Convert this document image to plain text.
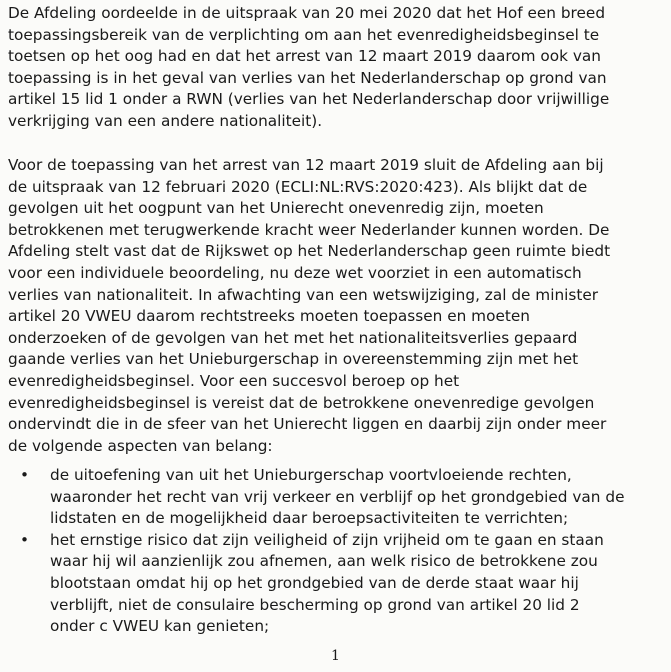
De Afdeling oordeelde in de uitspraak van 20 mei 2020 dat het Hof een breed
toepassingsbereik van de verplichting om aan het evenredigheidsbeginsel te
toetsen op het oog had en dat het arrest van 12 maart 2019 daarom ook van
toepassing is in het geval van verlies van het Nederlanderschap op grond van
artikel 15 lid 1 onder a RWN (verlies van het Nederlanderschap door vrijwillige
verkrijging van een andere nationaliteit).

Voor de toepassing van het arrest van 12 maart 2019 sluit de Afdeling aan bij
de uitspraak van 12 februari 2020 (ECLI:NL:RVS:2020:423). Als blijkt dat de
gevolgen uit het oogpunt van het Unierecht onevenredig zijn, moeten
betrokkenen met terugwerkende kracht weer Nederlander kunnen worden. De
Afdeling stelt vast dat de Rijkswet op het Nederlanderschap geen ruimte biedt
voor een individuele beoordeling, nu deze wet voorziet in een automatisch
verlies van nationaliteit. In afwachting van een wetswijziging, zal de minister
artikel 20 VWEU daarom rechtstreeks moeten toepassen en moeten
onderzoeken of de gevolgen van het met het nationaliteitsverlies gepaard
gaande verlies van het Unieburgerschap in overeenstemming zijn met het
evenredigheidsbeginsel. Voor een succesvol beroep op het
evenredigheidsbeginsel is vereist dat de betrokkene onevenredige gevolgen
ondervindt die in de sfeer van het Unierecht liggen en daarbij zijn onder meer
de volgende aspecten van belang:

• de uitoefening van uit het Unieburgerschap voortvloeiende rechten,
waaronder het recht van vrij verkeer en verblijf op het grondgebied van de
lidstaten en de mogelijkheid daar beroepsactiviteiten te verrichten;
• het ernstige risico dat zijn veiligheid of zijn vrijheid om te gaan en staan
waar hij wil aanzienlijk zou afnemen, aan welk risico de betrokkene zou
blootstaan omdat hij op het grondgebied van de derde staat waar hij
verblijft, niet de consulaire bescherming op grond van artikel 20 lid 2
onder c VWEU kan genieten;
1
